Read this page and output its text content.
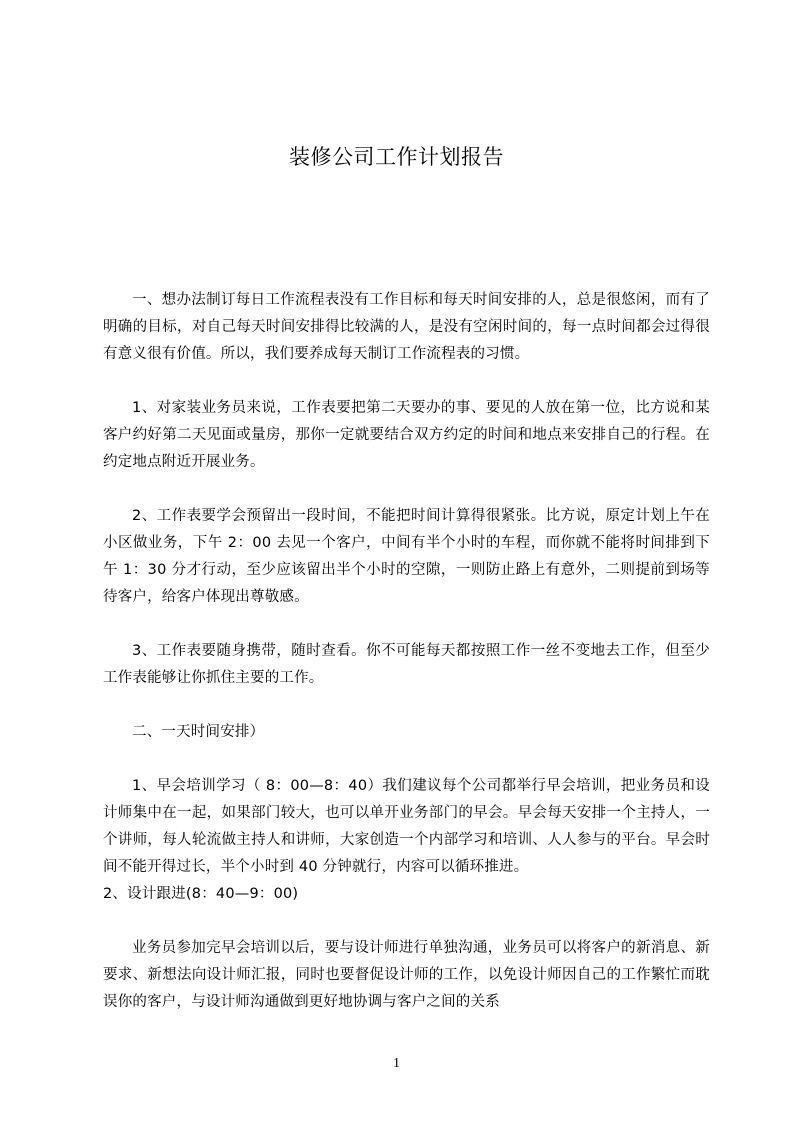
装修公司工作计划报告

一、想办法制订每日工作流程表没有工作目标和每天时间安排的人，总是很悠闲，而有了明确的目标，对自己每天时间安排得比较满的人，是没有空闲时间的，每一点时间都会过得很有意义很有价值。所以，我们要养成每天制订工作流程表的习惯。

1、对家装业务员来说，工作表要把第二天要办的事、要见的人放在第一位，比方说和某客户约好第二天见面或量房，那你一定就要结合双方约定的时间和地点来安排自己的行程。在约定地点附近开展业务。

2、工作表要学会预留出一段时间，不能把时间计算得很紧张。比方说，原定计划上午在小区做业务，下午 2：00 去见一个客户，中间有半个小时的车程，而你就不能将时间排到下午 1：30 分才行动，至少应该留出半个小时的空隙，一则防止路上有意外，二则提前到场等待客户，给客户体现出尊敬感。

3、工作表要随身携带，随时查看。你不可能每天都按照工作一丝不变地去工作，但至少工作表能够让你抓住主要的工作。

二、一天时间安排）

1、早会培训学习（ 8：00—8：40）我们建议每个公司都举行早会培训，把业务员和设计师集中在一起，如果部门较大，也可以单开业务部门的早会。早会每天安排一个主持人，一个讲师，每人轮流做主持人和讲师，大家创造一个内部学习和培训、人人参与的平台。早会时间不能开得过长，半个小时到 40 分钟就行，内容可以循环推进。

2、设计跟进(8：40—9：00)

业务员参加完早会培训以后，要与设计师进行单独沟通，业务员可以将客户的新消息、新要求、新想法向设计师汇报，同时也要督促设计师的工作，以免设计师因自己的工作繁忙而耽误你的客户，与设计师沟通做到更好地协调与客户之间的关系

1
